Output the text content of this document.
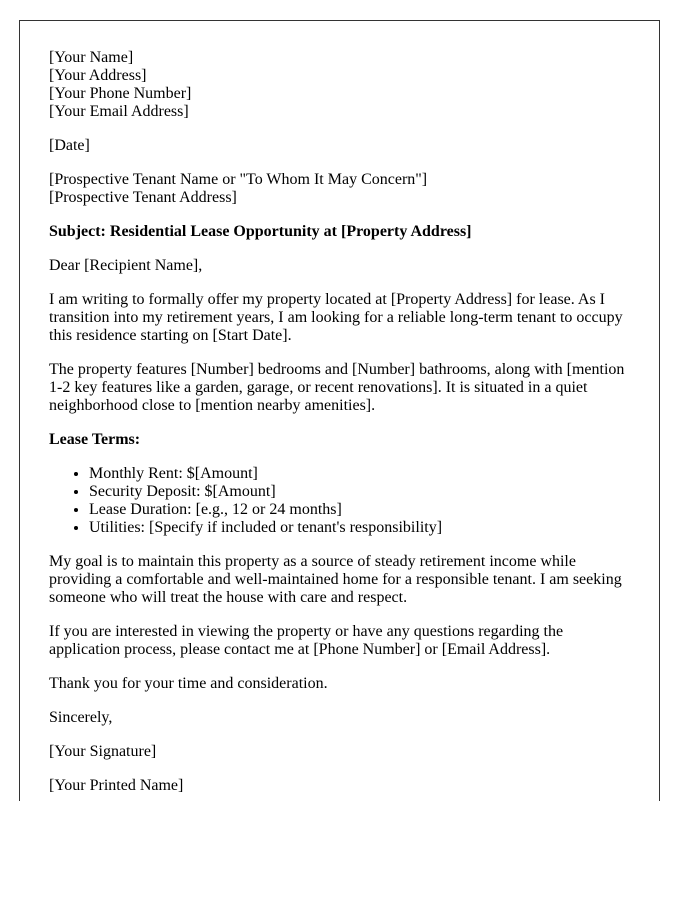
[Your Name]
[Your Address]
[Your Phone Number]
[Your Email Address]
[Date]
[Prospective Tenant Name or "To Whom It May Concern"]
[Prospective Tenant Address]
Subject: Residential Lease Opportunity at [Property Address]
Dear [Recipient Name],
I am writing to formally offer my property located at [Property Address] for lease. As I transition into my retirement years, I am looking for a reliable long-term tenant to occupy this residence starting on [Start Date].
The property features [Number] bedrooms and [Number] bathrooms, along with [mention 1-2 key features like a garden, garage, or recent renovations]. It is situated in a quiet neighborhood close to [mention nearby amenities].
Lease Terms:
• Monthly Rent: $[Amount]
• Security Deposit: $[Amount]
• Lease Duration: [e.g., 12 or 24 months]
• Utilities: [Specify if included or tenant's responsibility]
My goal is to maintain this property as a source of steady retirement income while providing a comfortable and well-maintained home for a responsible tenant. I am seeking someone who will treat the house with care and respect.
If you are interested in viewing the property or have any questions regarding the application process, please contact me at [Phone Number] or [Email Address].
Thank you for your time and consideration.
Sincerely,
[Your Signature]
[Your Printed Name]
